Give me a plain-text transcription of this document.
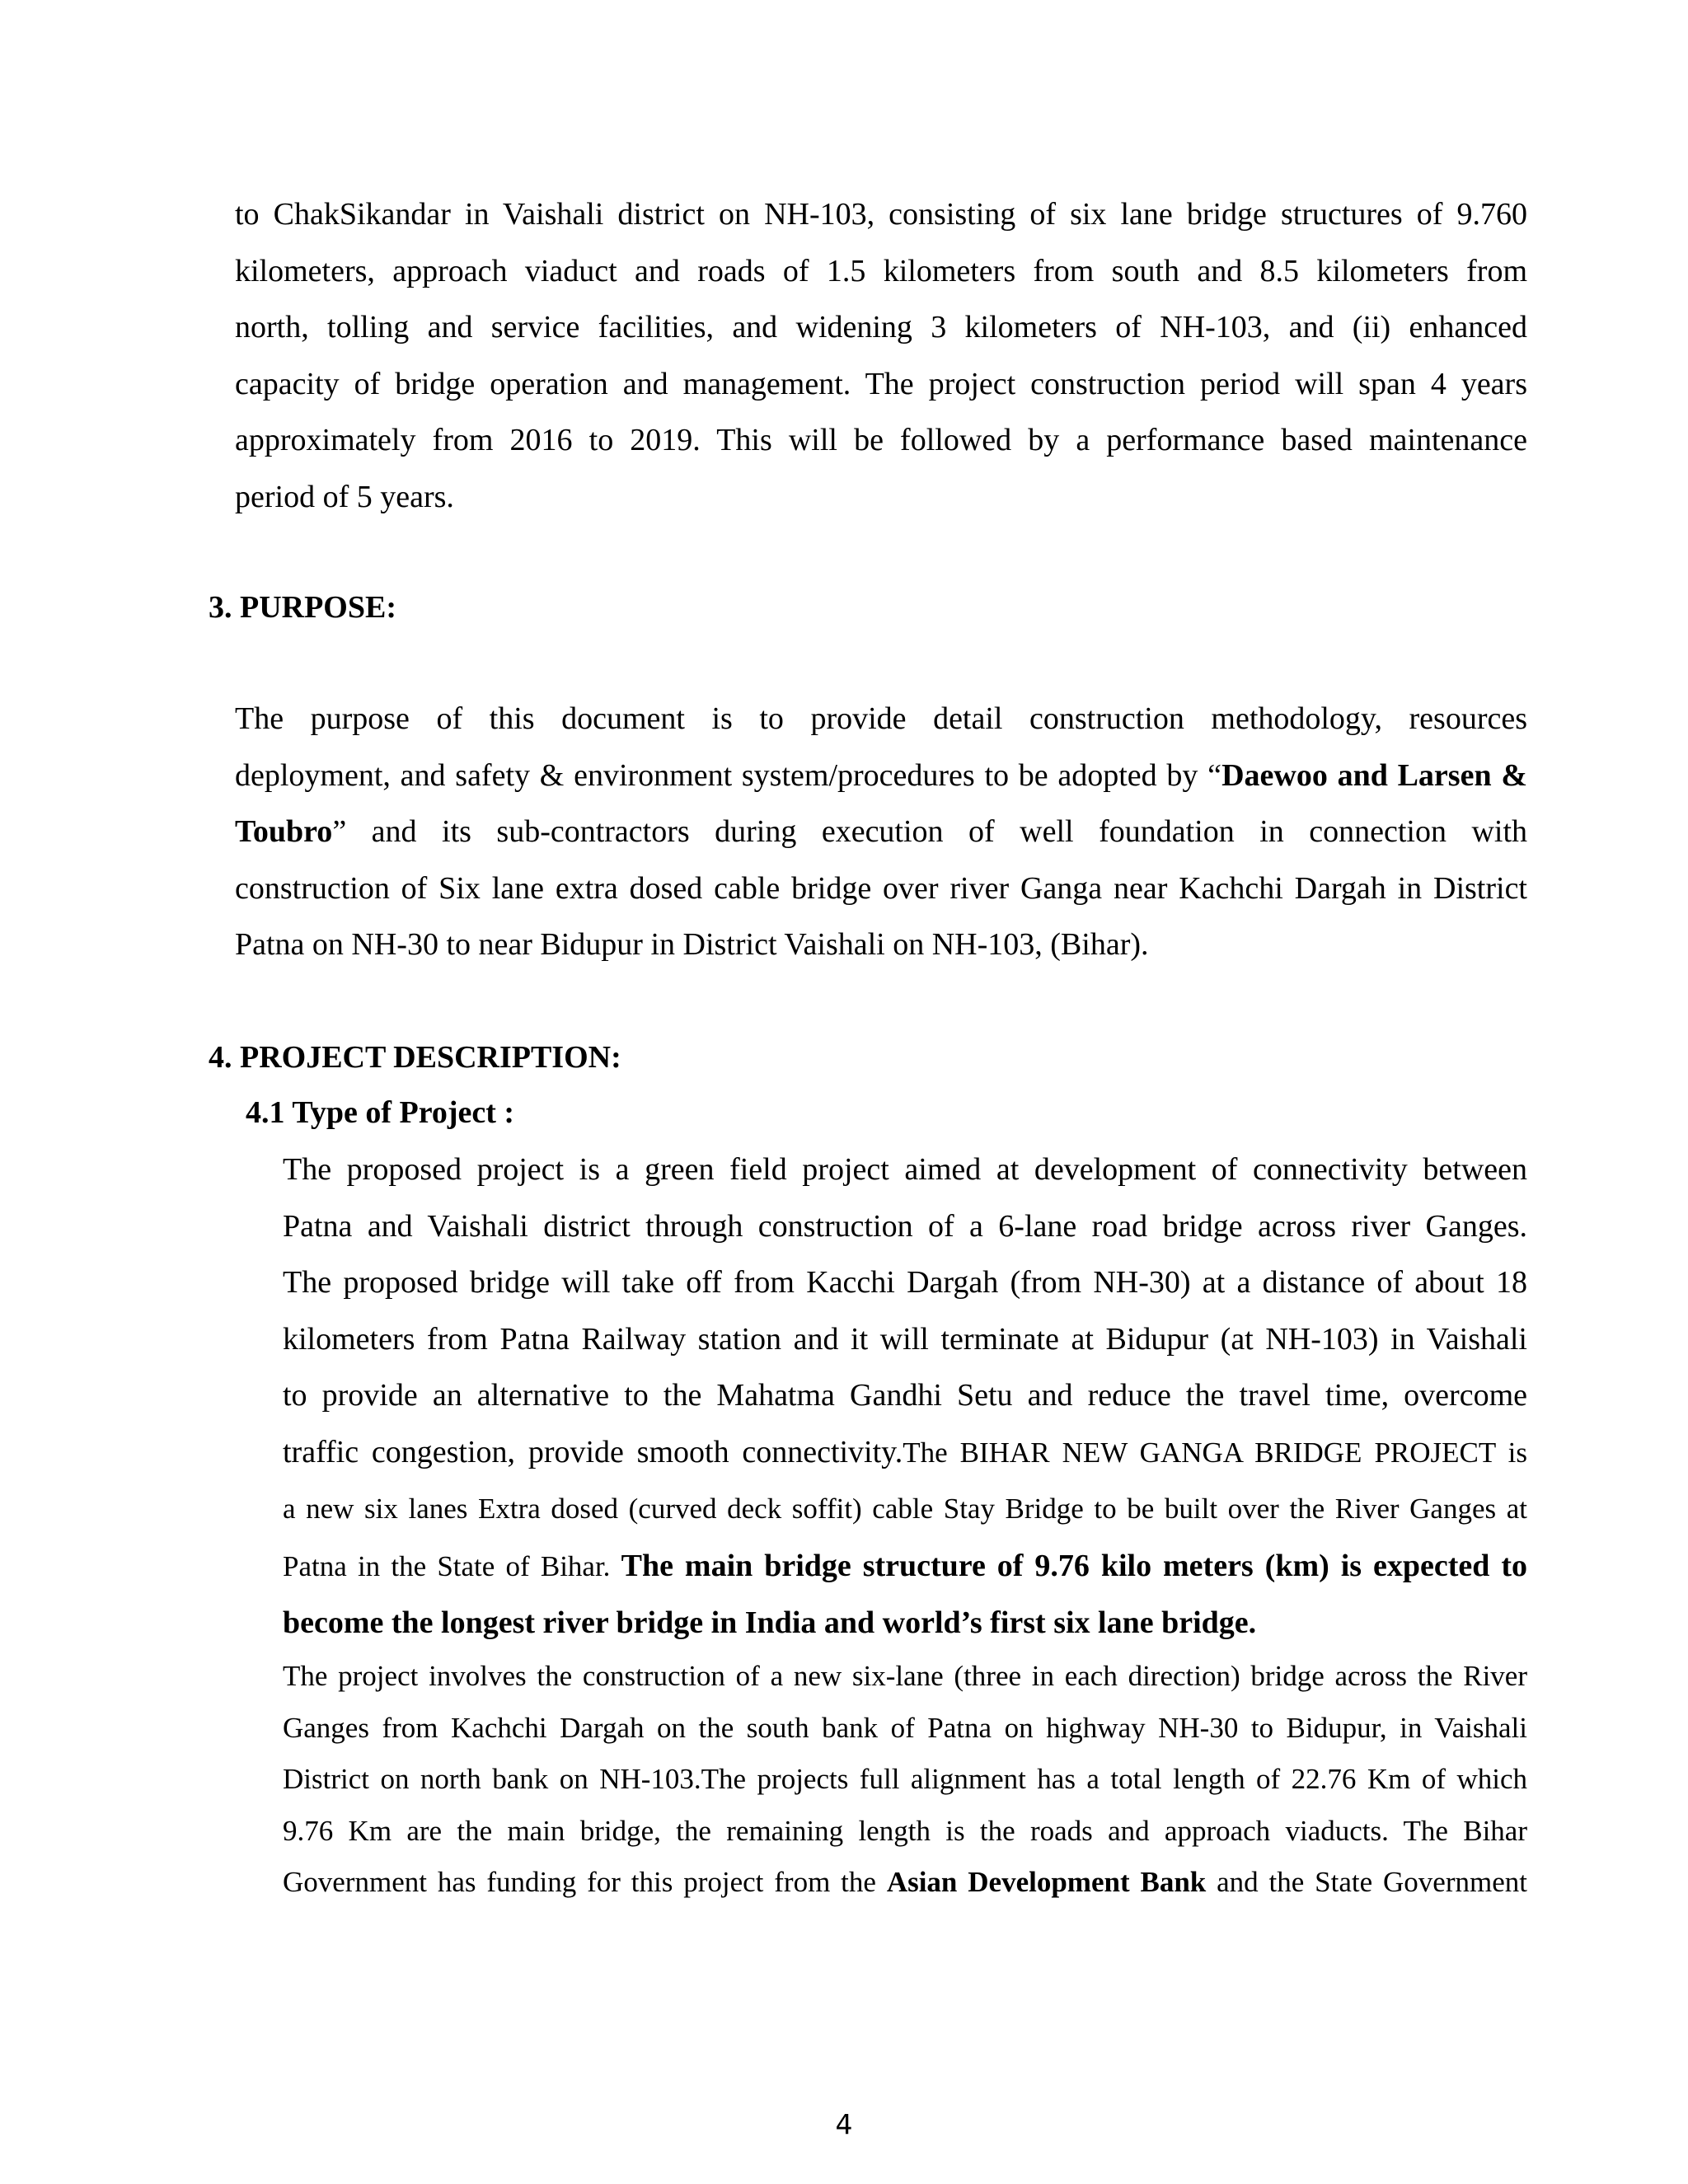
to ChakSikandar in Vaishali district on NH-103, consisting of six lane bridge structures of 9.760
kilometers, approach viaduct and roads of 1.5 kilometers from south and 8.5 kilometers from
north, tolling and service facilities, and widening 3 kilometers of NH-103, and (ii) enhanced
capacity of bridge operation and management. The project construction period will span 4 years
approximately from 2016 to 2019. This will be followed by a performance based maintenance
period of 5 years.
3. PURPOSE:
The purpose of this document is to provide detail construction methodology, resources
deployment, and safety & environment system/procedures to be adopted by “Daewoo and Larsen &
Toubro” and its sub-contractors during execution of well foundation in connection with
construction of Six lane extra dosed cable bridge over river Ganga near Kachchi Dargah in District
Patna on NH-30 to near Bidupur in District Vaishali on NH-103, (Bihar).
4. PROJECT DESCRIPTION:
4.1 Type of Project :
The proposed project is a green field project aimed at development of connectivity between
Patna and Vaishali district through construction of a 6-lane road bridge across river Ganges.
The proposed bridge will take off from Kacchi Dargah (from NH-30) at a distance of about 18
kilometers from Patna Railway station and it will terminate at Bidupur (at NH-103) in Vaishali
to provide an alternative to the Mahatma Gandhi Setu and reduce the travel time, overcome
traffic congestion, provide smooth connectivity.The BIHAR NEW GANGA BRIDGE PROJECT is
a new six lanes Extra dosed (curved deck soffit) cable Stay Bridge to be built over the River Ganges at
Patna in the State of Bihar. The main bridge structure of 9.76 kilo meters (km) is expected to
become the longest river bridge in India and world’s first six lane bridge.
The project involves the construction of a new six-lane (three in each direction) bridge across the River
Ganges from Kachchi Dargah on the south bank of Patna on highway NH-30 to Bidupur, in Vaishali
District on north bank on NH-103.The projects full alignment has a total length of 22.76 Km of which
9.76 Km are the main bridge, the remaining length is the roads and approach viaducts. The Bihar
Government has funding for this project from the Asian Development Bank and the State Government
4
